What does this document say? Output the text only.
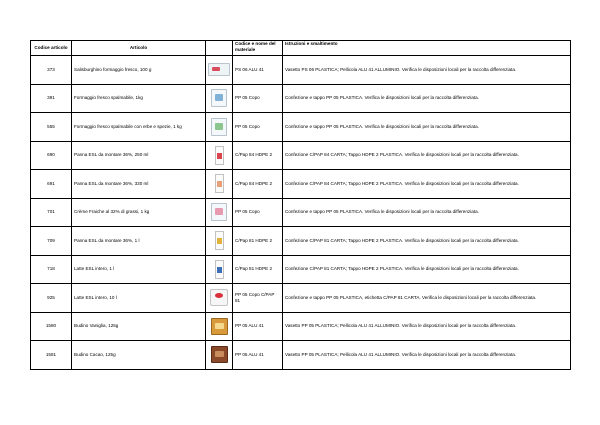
Codice articolo	Articolo		Codice e nome del materiale	Istruzioni e smaltimento
373	Salisburghino formaggio fresco, 100 g		PS 06 ALU 41	Vasetto PS 06 PLASTICA; Pellicola ALU 41 ALLUMINIO. Verifica le disposizioni locali per la raccolta differenziata.
391	Formaggio fresco spalmabile, 1kg		PP 05 Copo	Confezione e tappo PP 05 PLASTICA. Verifica le disposizioni locali per la raccolta differenziata.
555	Formaggio fresco spalmabile con erbe e spezie, 1 kg		PP 05 Copo	Confezione e tappo PP 05 PLASTICA. Verifica le disposizioni locali per la raccolta differenziata.
690	Panna ESL da montare 36%, 250 ml		C/Pap 84 HDPE 2	Confezione C/PAP 84 CARTA; Tappo HDPE 2 PLASTICA. Verifica le disposizioni locali per la raccolta differenziata.
691	Panna ESL da montare 36%, 330 ml		C/Pap 84 HDPE 2	Confezione C/PAP 84 CARTA; Tappo HDPE 2 PLASTICA. Verifica le disposizioni locali per la raccolta differenziata.
701	Crème Fraiche al 32% di grassi, 1 kg		PP 05 Copo	Confezione e tappo PP 05 PLASTICA. Verifica le disposizioni locali per la raccolta differenziata.
709	Panna ESL da montare 36%, 1 l		C/Pap 81 HDPE 2	Confezione C/PAP 81 CARTA; Tappo HDPE 2 PLASTICA. Verifica le disposizioni locali per la raccolta differenziata.
718	Latte ESL intero, 1 l		C/Pap 81 HDPE 2	Confezione C/PAP 81 CARTA; Tappo HDPE 2 PLASTICA. Verifica le disposizioni locali per la raccolta differenziata.
925	Latte ESL intero, 10 l		PP 05 Copo C/PAP 81	Confezione e tappo PP 05 PLASTICA, etichetta C/PAP 81 CARTA. Verifica le disposizioni locali per la raccolta differenziata.
1580	Budino Vaniglia, 125g		PP 05 ALU 41	Vasetto PP 05 PLASTICA; Pellicola ALU 41 ALLUMINIO. Verifica le disposizioni locali per la raccolta differenziata.
1581	Budino Cacao, 125g		PP 05 ALU 41	Vasetto PP 05 PLASTICA; Pellicola ALU 41 ALLUMINIO. Verifica le disposizioni locali per la raccolta differenziata.
